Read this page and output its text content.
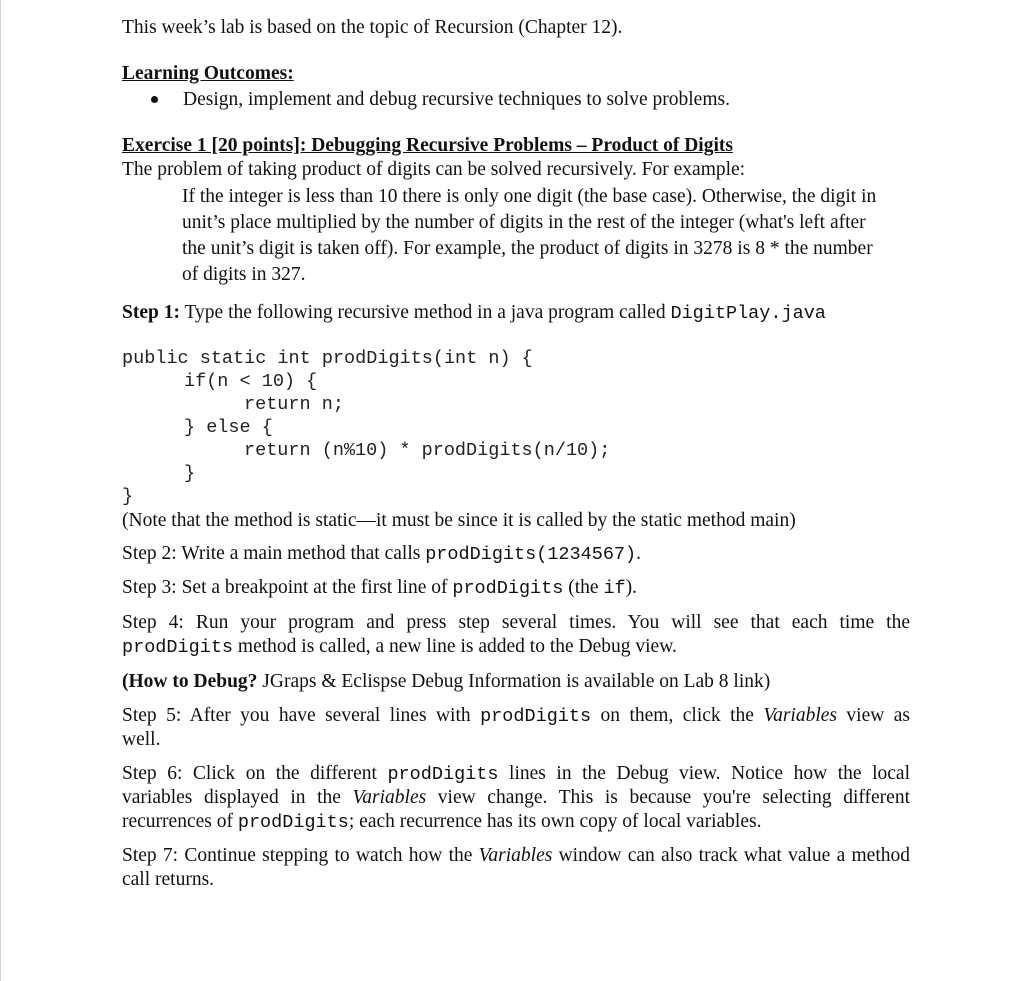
This week’s lab is based on the topic of Recursion (Chapter 12).
Learning Outcomes:
Design, implement and debug recursive techniques to solve problems.
Exercise 1 [20 points]: Debugging Recursive Problems – Product of Digits
The problem of taking product of digits can be solved recursively. For example:
If the integer is less than 10 there is only one digit (the base case). Otherwise, the digit in
unit’s place multiplied by the number of digits in the rest of the integer (what's left after
the unit’s digit is taken off). For example, the product of digits in 3278 is 8 * the number
of digits in 327.
Step 1: Type the following recursive method in a java program called DigitPlay.java
public static int prodDigits(int n) {
if(n < 10) {
return n;
} else {
return (n%10) * prodDigits(n/10);
}
}
(Note that the method is static—it must be since it is called by the static method main)
Step 2: Write a main method that calls prodDigits(1234567).
Step 3: Set a breakpoint at the first line of prodDigits (the if).
Step 4: Run your program and press step several times. You will see that each time the
prodDigits method is called, a new line is added to the Debug view.
(How to Debug? JGraps & Eclispse Debug Information is available on Lab 8 link)
Step 5: After you have several lines with prodDigits on them, click the Variables view as
well.
Step 6: Click on the different prodDigits lines in the Debug view. Notice how the local
variables displayed in the Variables view change. This is because you're selecting different
recurrences of prodDigits; each recurrence has its own copy of local variables.
Step 7: Continue stepping to watch how the Variables window can also track what value a method
call returns.
